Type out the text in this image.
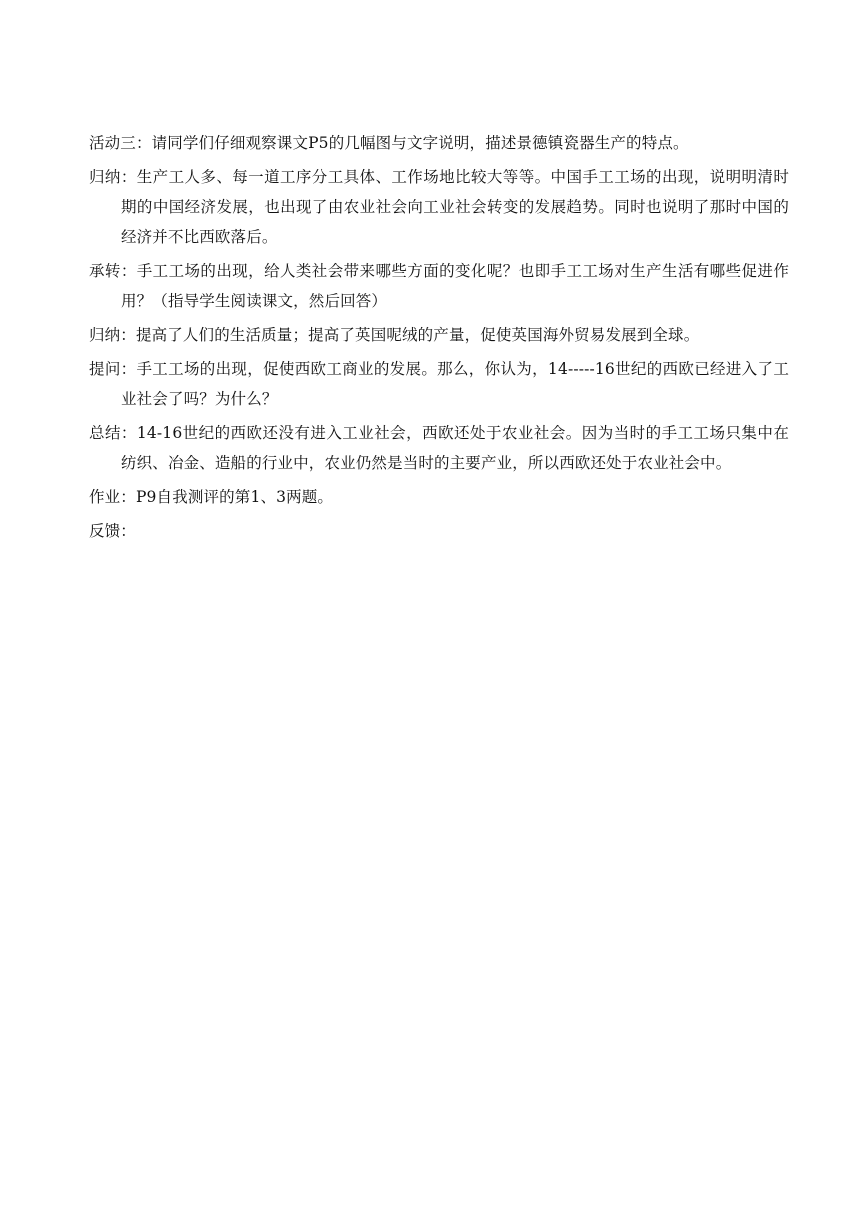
活动三：请同学们仔细观察课文P5的几幅图与文字说明，描述景德镇瓷器生产的特点。

归纳：生产工人多、每一道工序分工具体、工作场地比较大等等。中国手工工场的出现，说明明清时期的中国经济发展，也出现了由农业社会向工业社会转变的发展趋势。同时也说明了那时中国的经济并不比西欧落后。

承转：手工工场的出现，给人类社会带来哪些方面的变化呢？也即手工工场对生产生活有哪些促进作用？（指导学生阅读课文，然后回答）

归纳：提高了人们的生活质量；提高了英国呢绒的产量，促使英国海外贸易发展到全球。

提问：手工工场的出现，促使西欧工商业的发展。那么，你认为，14-----16世纪的西欧已经进入了工业社会了吗？为什么？

总结：14-16世纪的西欧还没有进入工业社会，西欧还处于农业社会。因为当时的手工工场只集中在纺织、冶金、造船的行业中，农业仍然是当时的主要产业，所以西欧还处于农业社会中。

作业：P9自我测评的第1、3两题。

反馈：
